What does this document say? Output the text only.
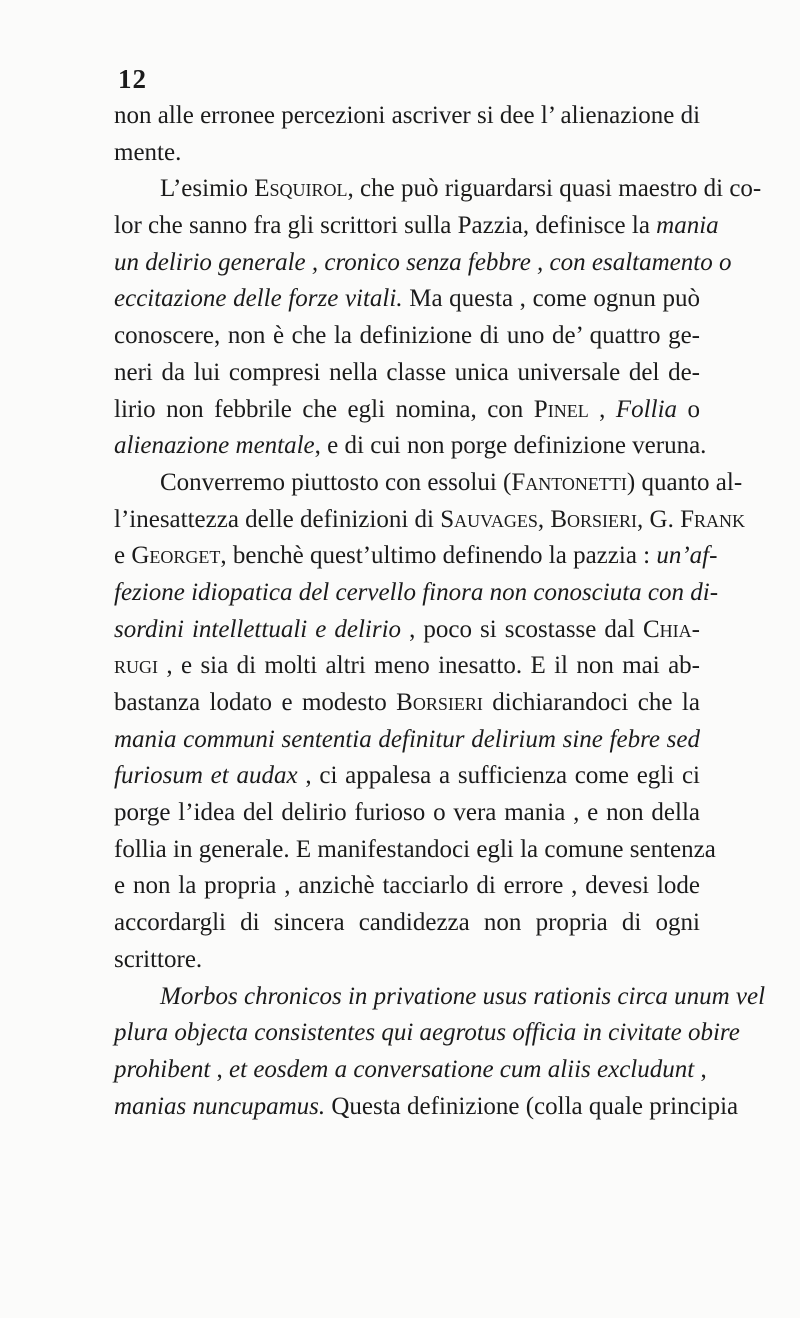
12
non alle erronee percezioni ascriver si dee l’ alienazione di
mente.
L’esimio Esquirol, che può riguardarsi quasi maestro di co-
lor che sanno fra gli scrittori sulla Pazzia, definisce la mania
un delirio generale , cronico senza febbre , con esaltamento o
eccitazione delle forze vitali. Ma questa , come ognun può
conoscere, non è che la definizione di uno de’ quattro ge-
neri da lui compresi nella classe unica universale del de-
lirio non febbrile che egli nomina, con Pinel , Follia o
alienazione mentale, e di cui non porge definizione veruna.
Converremo piuttosto con essolui (Fantonetti) quanto al-
l’inesattezza delle definizioni di Sauvages, Borsieri, G. Frank
e Georget, benchè quest’ultimo definendo la pazzia : un’af-
fezione idiopatica del cervello finora non conosciuta con di-
sordini intellettuali e delirio , poco si scostasse dal Chia-
rugi , e sia di molti altri meno inesatto. E il non mai ab-
bastanza lodato e modesto Borsieri dichiarandoci che la
mania communi sententia definitur delirium sine febre sed
furiosum et audax , ci appalesa a sufficienza come egli ci
porge l’idea del delirio furioso o vera mania , e non della
follia in generale. E manifestandoci egli la comune sentenza
e non la propria , anzichè tacciarlo di errore , devesi lode
accordargli di sincera candidezza non propria di ogni
scrittore.
Morbos chronicos in privatione usus rationis circa unum vel
plura objecta consistentes qui aegrotus officia in civitate obire
prohibent , et eosdem a conversatione cum aliis excludunt ,
manias nuncupamus. Questa definizione (colla quale principia
